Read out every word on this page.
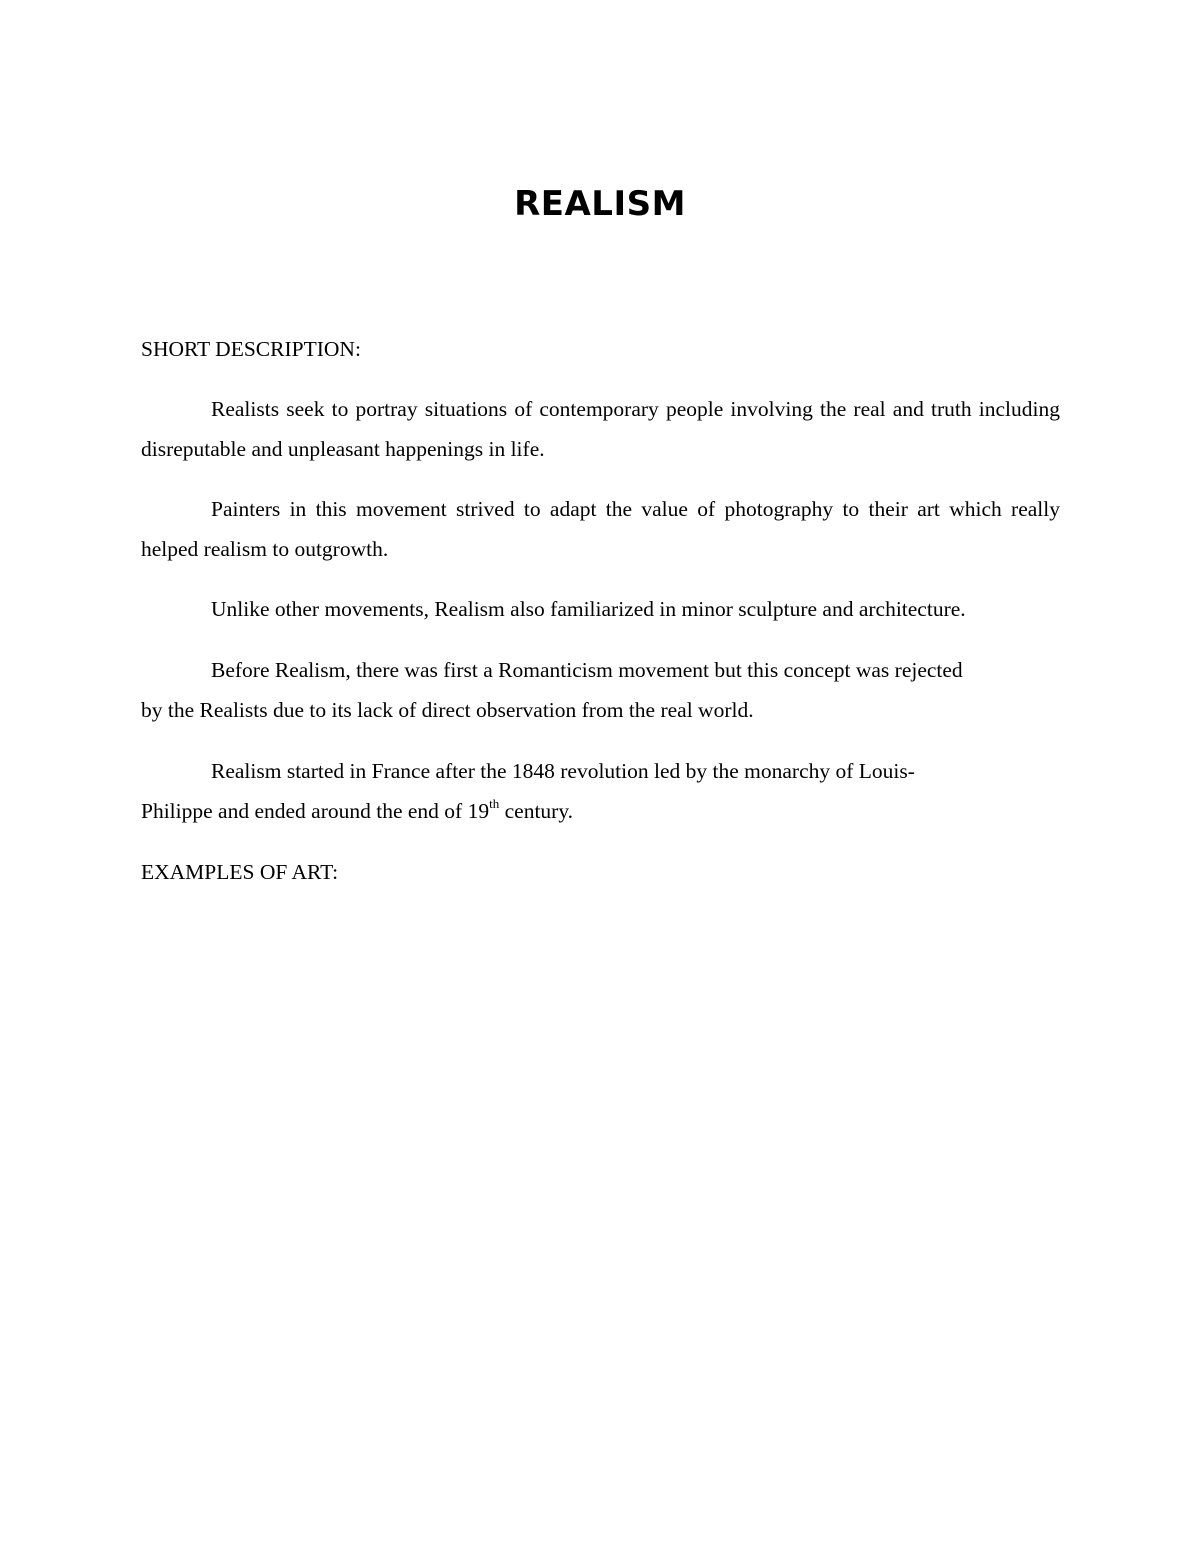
REALISM
SHORT DESCRIPTION:
Realists seek to portray situations of contemporary people involving the real and truth including disreputable and unpleasant happenings in life.
Painters in this movement strived to adapt the value of photography to their art which really helped realism to outgrowth.
Unlike other movements, Realism also familiarized in minor sculpture and architecture.
Before Realism, there was first a Romanticism movement but this concept was rejected
by the Realists due to its lack of direct observation from the real world.
Realism started in France after the 1848 revolution led by the monarchy of Louis-
Philippe and ended around the end of 19th century.
EXAMPLES OF ART:
